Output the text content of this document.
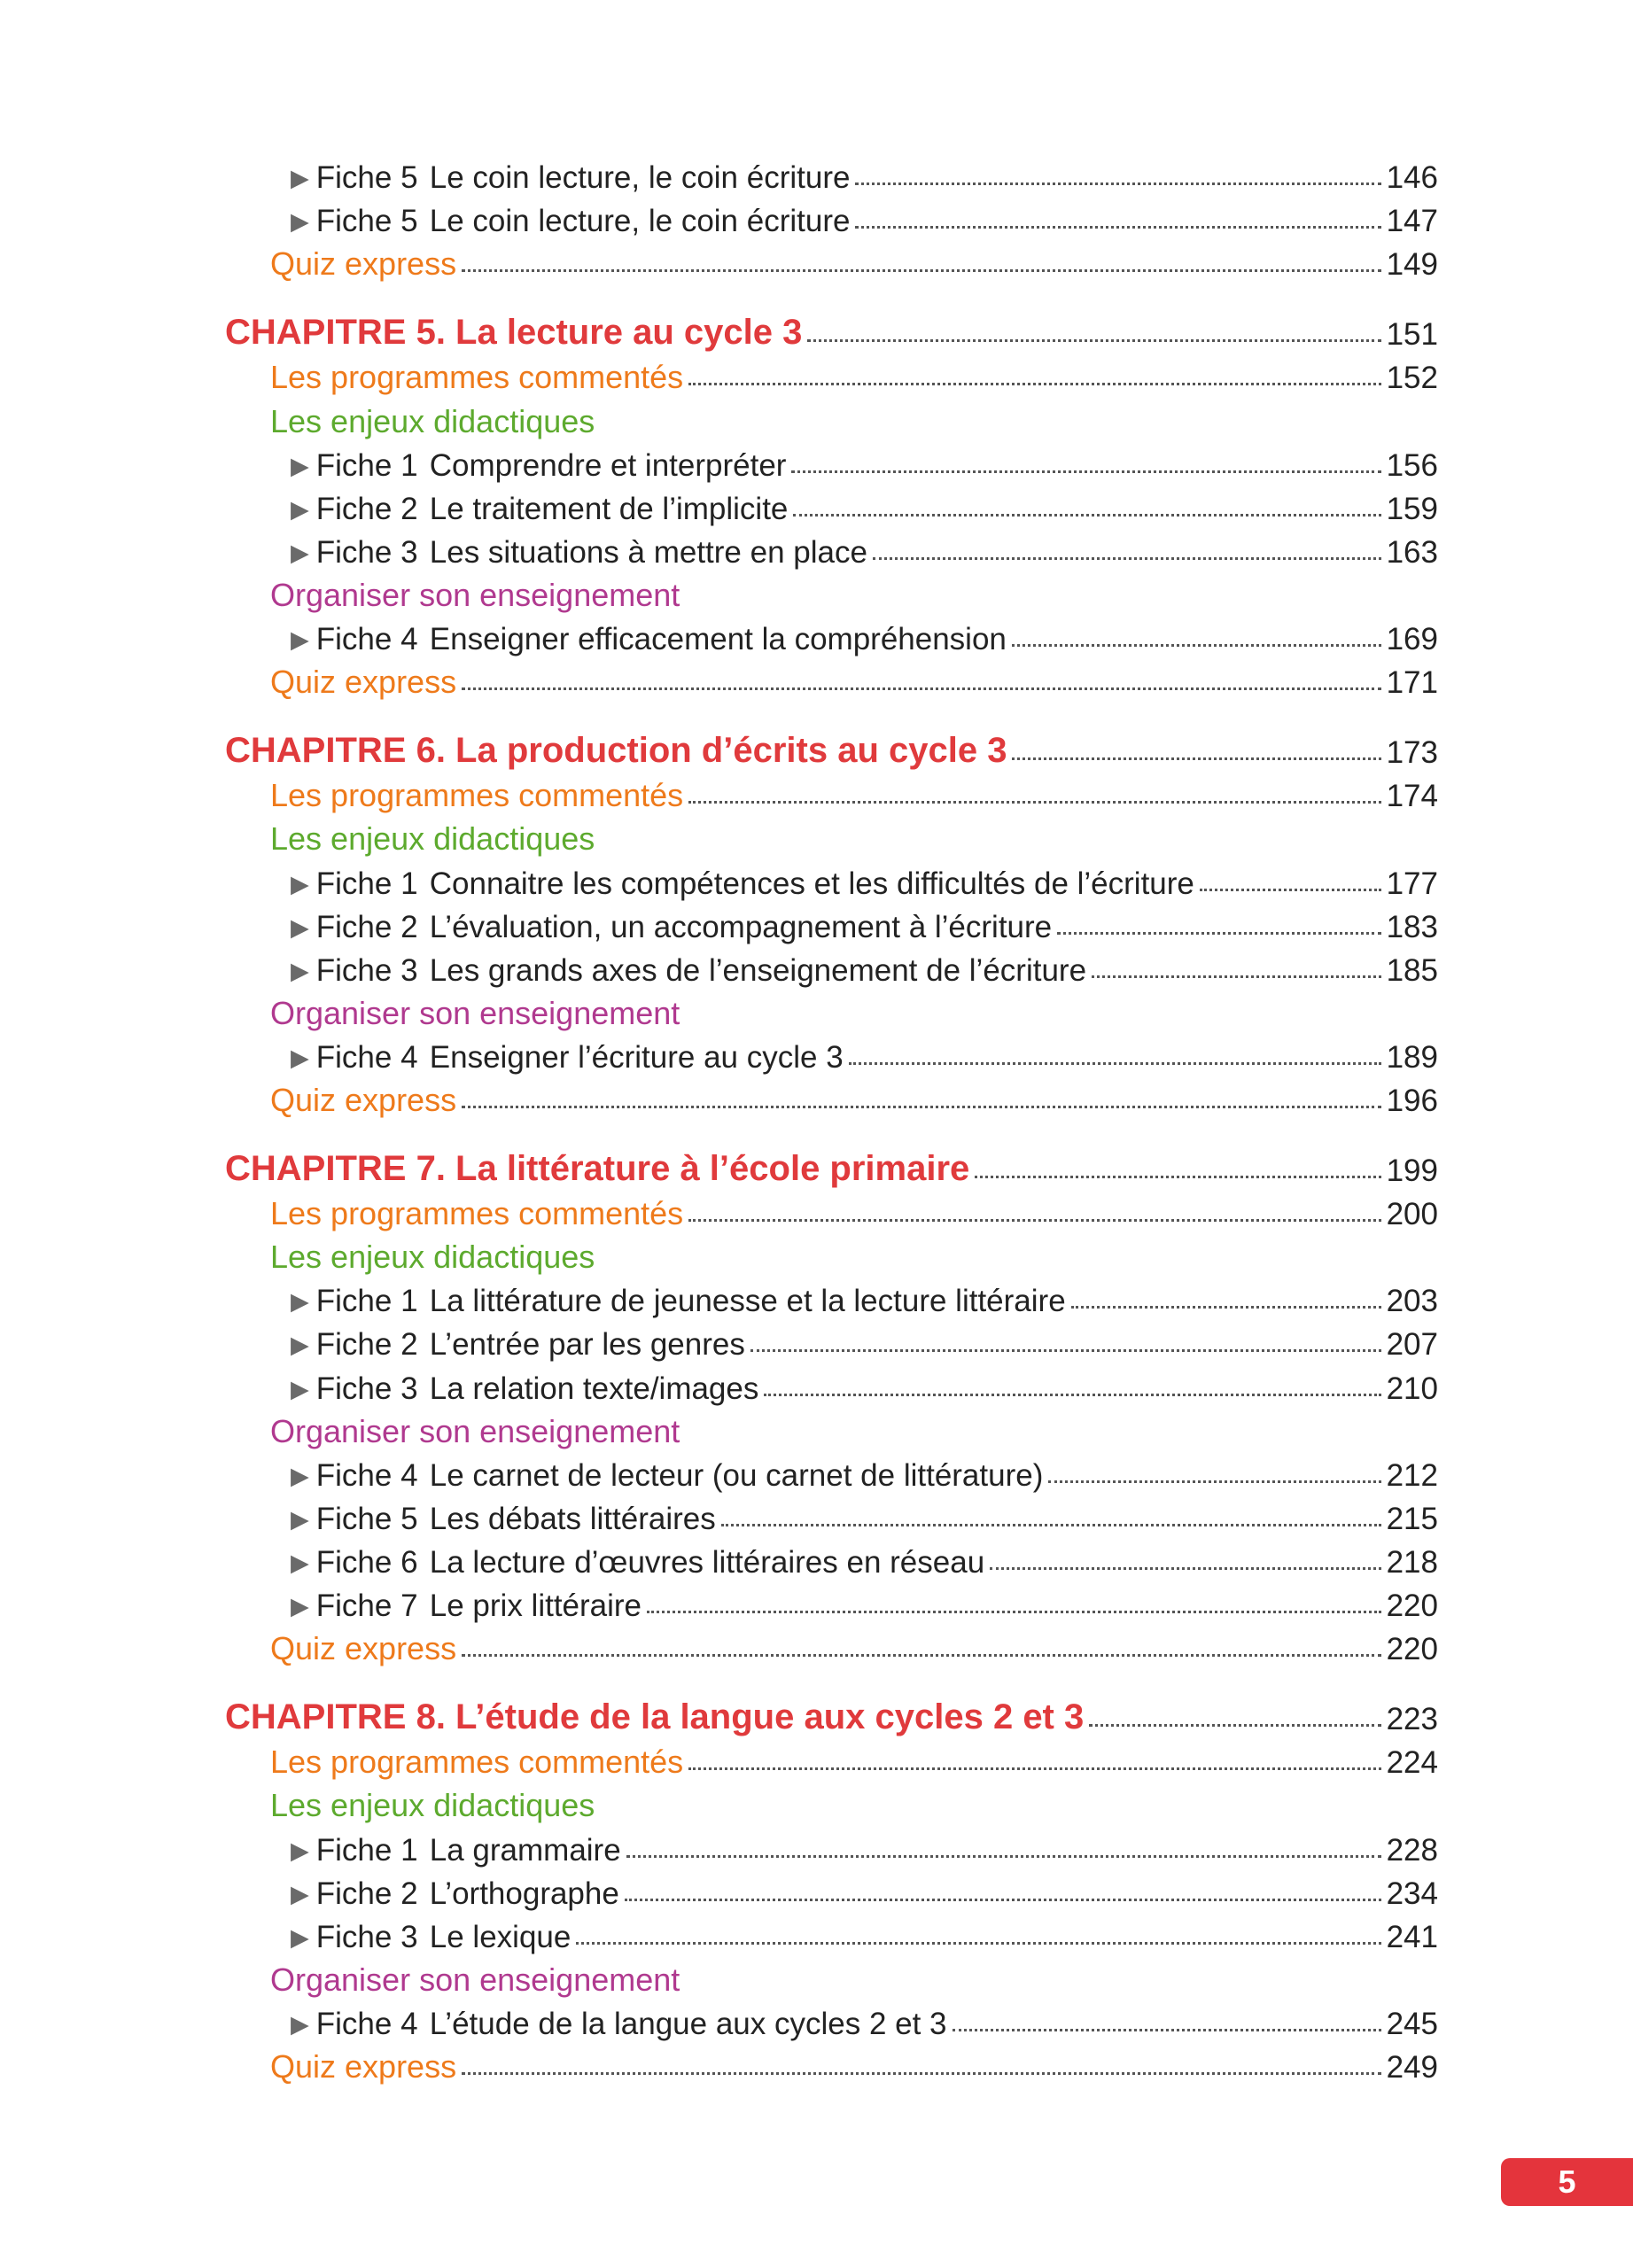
▶ Fiche 5 Le coin lecture, le coin écriture	146
▶ Fiche 5 Le coin lecture, le coin écriture	147
Quiz express	149
CHAPITRE 5. La lecture au cycle 3	151
Les programmes commentés	152
Les enjeux didactiques
▶ Fiche 1 Comprendre et interpréter	156
▶ Fiche 2 Le traitement de l’implicite	159
▶ Fiche 3 Les situations à mettre en place	163
Organiser son enseignement
▶ Fiche 4 Enseigner efficacement la compréhension	169
Quiz express	171
CHAPITRE 6. La production d’écrits au cycle 3	173
Les programmes commentés	174
Les enjeux didactiques
▶ Fiche 1 Connaitre les compétences et les difficultés de l’écriture	177
▶ Fiche 2 L’évaluation, un accompagnement à l’écriture	183
▶ Fiche 3 Les grands axes de l’enseignement de l’écriture	185
Organiser son enseignement
▶ Fiche 4 Enseigner l’écriture au cycle 3	189
Quiz express	196
CHAPITRE 7. La littérature à l’école primaire	199
Les programmes commentés	200
Les enjeux didactiques
▶ Fiche 1 La littérature de jeunesse et la lecture littéraire	203
▶ Fiche 2 L’entrée par les genres	207
▶ Fiche 3 La relation texte/images	210
Organiser son enseignement
▶ Fiche 4 Le carnet de lecteur (ou carnet de littérature)	212
▶ Fiche 5 Les débats littéraires	215
▶ Fiche 6 La lecture d’œuvres littéraires en réseau	218
▶ Fiche 7 Le prix littéraire	220
Quiz express	220
CHAPITRE 8. L’étude de la langue aux cycles 2 et 3	223
Les programmes commentés	224
Les enjeux didactiques
▶ Fiche 1 La grammaire	228
▶ Fiche 2 L’orthographe	234
▶ Fiche 3 Le lexique	241
Organiser son enseignement
▶ Fiche 4 L’étude de la langue aux cycles 2 et 3	245
Quiz express	249
5
